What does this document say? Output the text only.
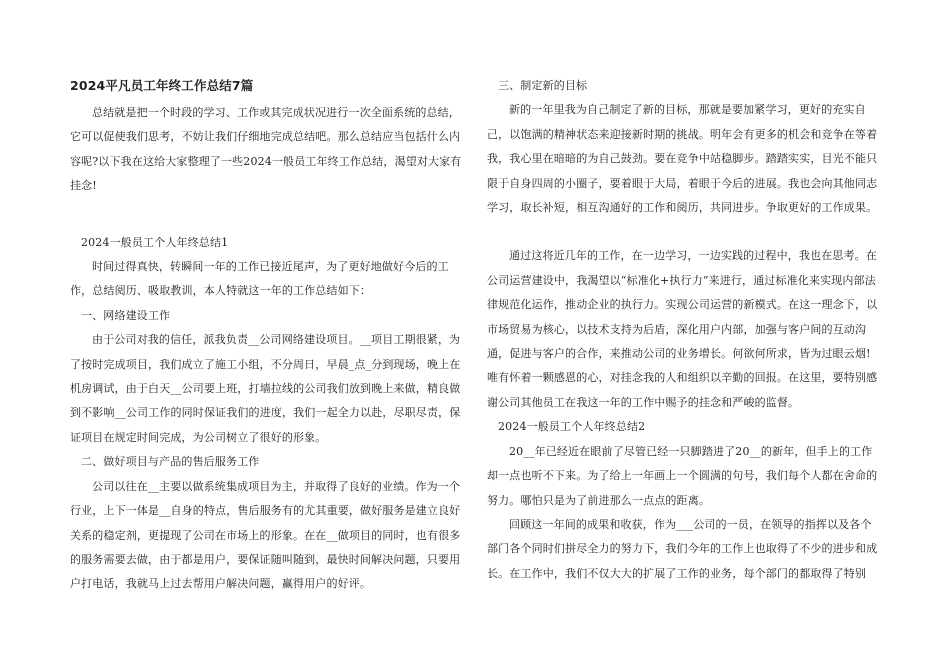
2024平凡员工年终工作总结7篇

总结就是把一个时段的学习、工作或其完成状况进行一次全面系统的总结，它可以促使我们思考，不妨让我们仔细地完成总结吧。那么总结应当包括什么内容呢?以下我在这给大家整理了一些2024一般员工年终工作总结，渴望对大家有挂念!

2024一般员工个人年终总结1

时间过得真快，转瞬间一年的工作已接近尾声，为了更好地做好今后的工作，总结阅历、吸取教训，本人特就这一年的工作总结如下：

一、网络建设工作

由于公司对我的信任，派我负责__公司网络建设项目。__项目工期很紧，为了按时完成项目，我们成立了施工小组，不分周日，早晨_点_分到现场，晚上在机房调试，由于白天__公司要上班，打墙拉线的公司我们放到晚上来做，精良做到不影响__公司工作的同时保证我们的进度，我们一起全力以赴，尽职尽责，保证项目在规定时间完成，为公司树立了很好的形象。

二、做好项目与产品的售后服务工作

公司以往在__主要以做系统集成项目为主，并取得了良好的业绩。作为一个行业，上下一体是__自身的特点，售后服务有的尤其重要，做好服务是建立良好关系的稳定剂，更提现了公司在市场上的形象。在在__做项目的同时，也有很多的服务需要去做，由于都是用户，要保证随叫随到，最快时间解决问题，只要用户打电话，我就马上过去帮用户解决问题，赢得用户的好评。

三、制定新的目标

新的一年里我为自己制定了新的目标，那就是要加紧学习，更好的充实自己，以饱满的精神状态来迎接新时期的挑战。明年会有更多的机会和竞争在等着我，我心里在暗暗的为自己鼓劲。要在竞争中站稳脚步。踏踏实实，目光不能只限于自身四周的小圈子，要着眼于大局，着眼于今后的进展。我也会向其他同志学习，取长补短，相互沟通好的工作和阅历，共同进步。争取更好的工作成果。

通过这将近几年的工作，在一边学习，一边实践的过程中，我也在思考。在公司运营建设中，我渴望以“标准化+执行力”来进行，通过标准化来实现内部法律规范化运作，推动企业的执行力。实现公司运营的新模式。在这一理念下，以市场贸易为核心，以技术支持为后盾，深化用户内部，加强与客户间的互动沟通，促进与客户的合作，来推动公司的业务增长。何欲何所求，皆为过眼云烟!唯有怀着一颗感恩的心，对挂念我的人和组织以辛勤的回报。在这里，要特别感谢公司其他员工在我这一年的工作中赐予的挂念和严峻的监督。

2024一般员工个人年终总结2

20__年已经近在眼前了尽管已经一只脚踏进了20__的新年，但手上的工作却一点也听不下来。为了给上一年画上一个圆满的句号，我们每个人都在舍命的努力。哪怕只是为了前进那么一点点的距离。

回顾这一年间的成果和收获，作为___公司的一员，在领导的指挥以及各个部门各个同时们拼尽全力的努力下，我们今年的工作上也取得了不少的进步和成长。在工作中，我们不仅大大的扩展了工作的业务，每个部门的都取得了特别
